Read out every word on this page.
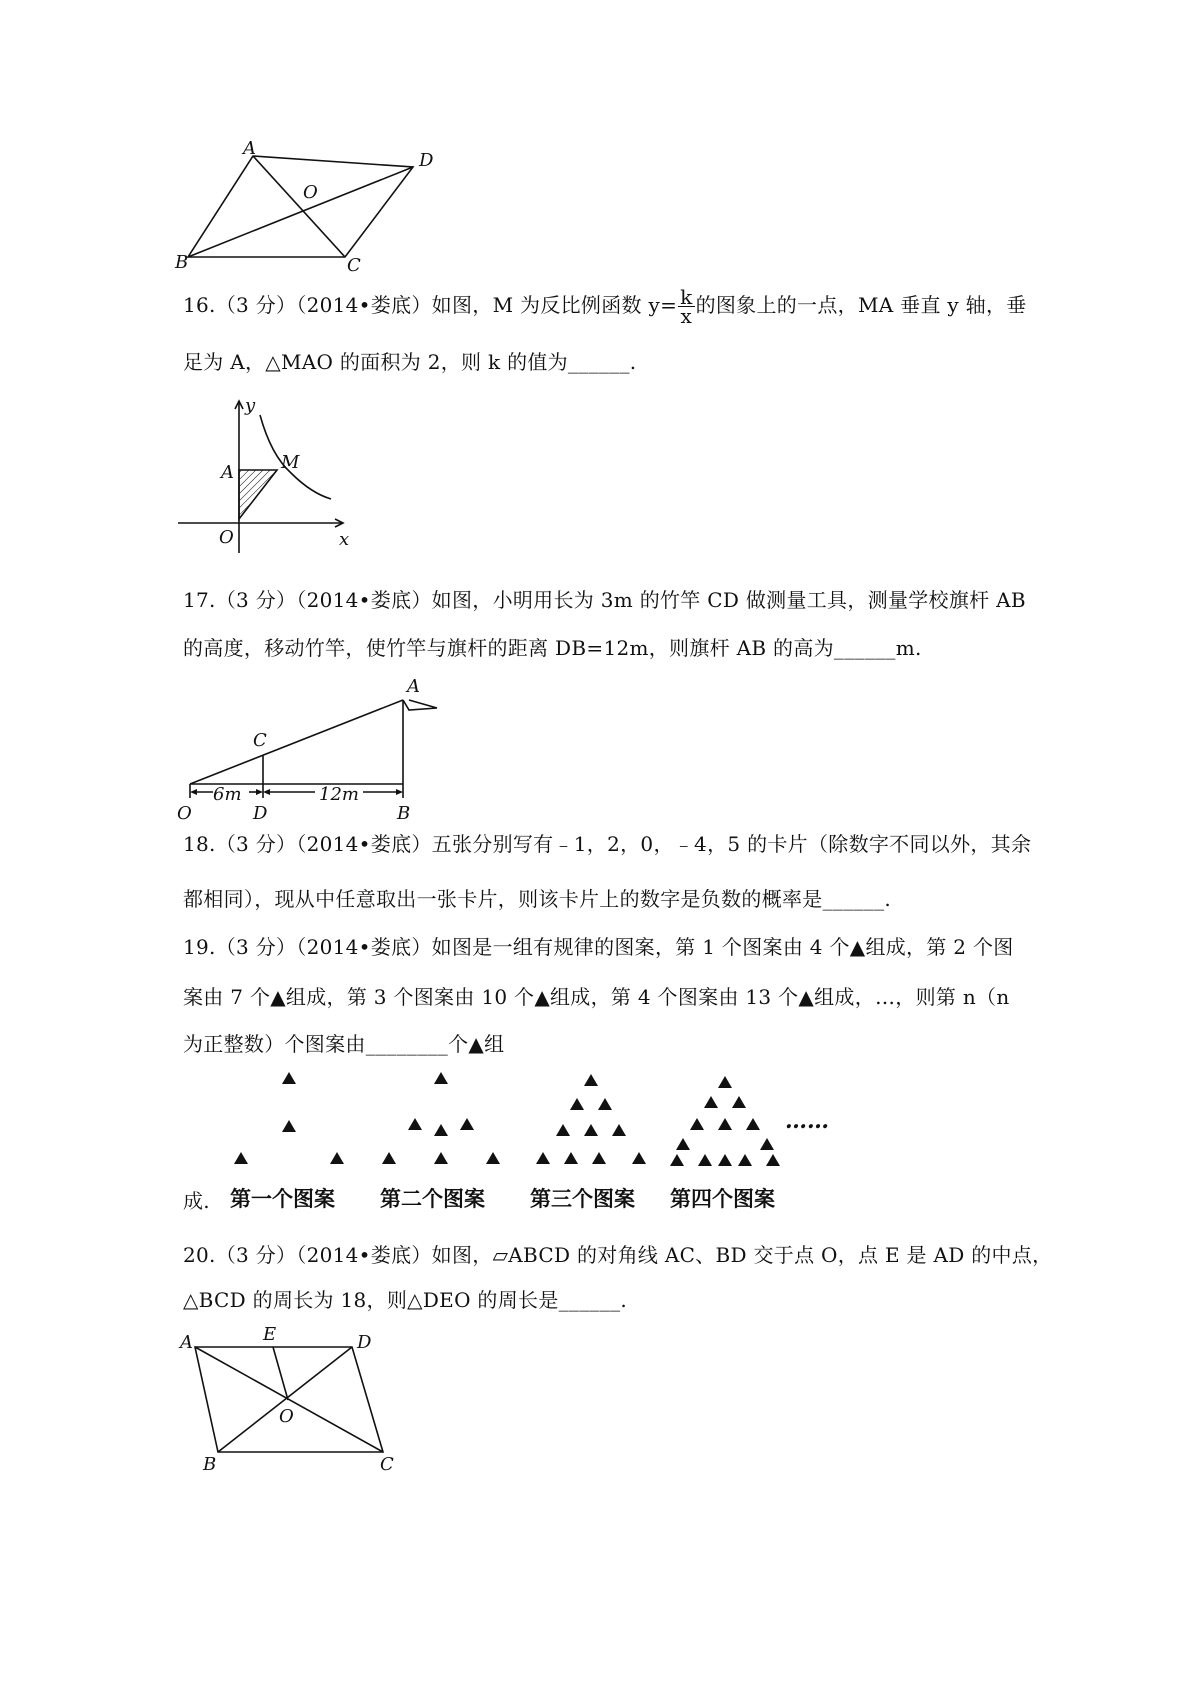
A
D
O
B	C
16.（3 分）（2014•娄底）如图，M 为反比例函数 $y= \frac{k}{x}$ 的图象上的一点，MA 垂直 y 轴，垂
足为 A，△MAO 的面积为 2，则 k 的值为______.
y
A	M
O	x
17.（3 分）（2014•娄底）如图，小明用长为 3m 的竹竿 CD 做测量工具，测量学校旗杆 AB
的高度，移动竹竿，使竹竿与旗杆的距离 DB=12m，则旗杆 AB 的高为______m.
A
C
6m	12m
O	D	B
18.（3 分）（2014•娄底）五张分别写有﹣1，2，0，﹣4，5 的卡片（除数字不同以外，其余
都相同），现从中任意取出一张卡片，则该卡片上的数字是负数的概率是______.
19.（3 分）（2014•娄底）如图是一组有规律的图案，第 1 个图案由 4 个▲组成，第 2 个图
案由 7 个▲组成，第 3 个图案由 10 个▲组成，第 4 个图案由 13 个▲组成，…，则第 n（n
为正整数）个图案由________个▲组
……
成. 第一个图案 第二个图案 第三个图案 第四个图案
20.（3 分）（2014•娄底）如图，▱ABCD 的对角线 AC、BD 交于点 O，点 E 是 AD 的中点，
△BCD 的周长为 18，则△DEO 的周长是______.
A	E	D
O
B	C
